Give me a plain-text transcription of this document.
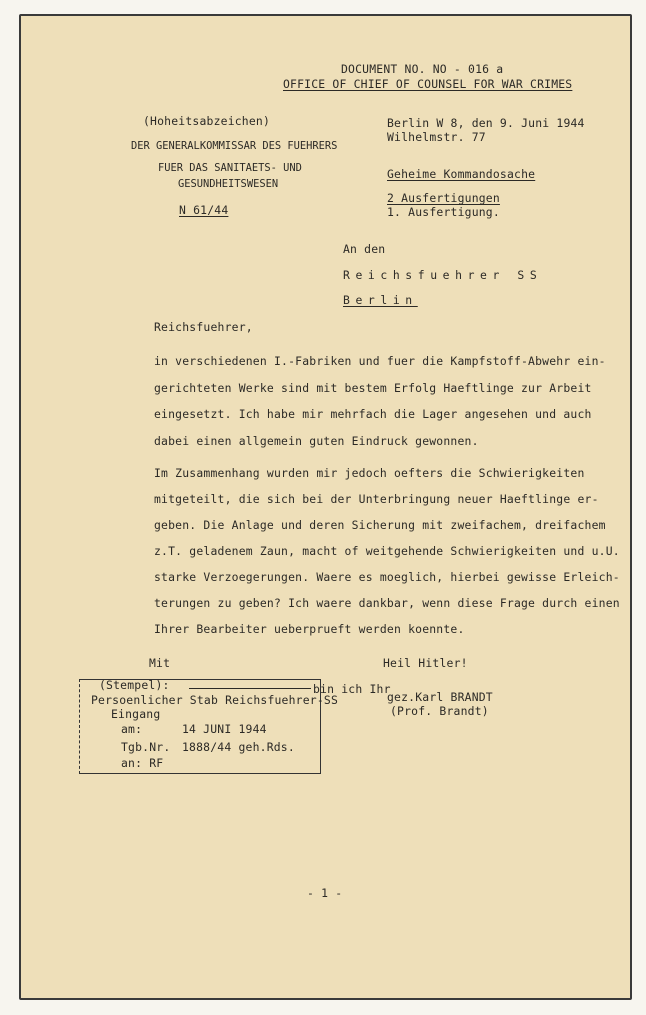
DOCUMENT NO. NO - 016 a
OFFICE OF CHIEF OF COUNSEL FOR WAR CRIMES
(Hoheitsabzeichen)
DER GENERALKOMMISSAR DES FUEHRERS
FUER DAS SANITAETS- UND
GESUNDHEITSWESEN
N 61/44
Berlin W 8, den 9. Juni 1944
Wilhelmstr. 77
Geheime Kommandosache
2 Ausfertigungen
1. Ausfertigung.
An den
Reichsfuehrer SS
Berlin
Reichsfuehrer,
in verschiedenen I.-Fabriken und fuer die Kampfstoff-Abwehr ein-
gerichteten Werke sind mit bestem Erfolg Haeftlinge zur Arbeit
eingesetzt. Ich habe mir mehrfach die Lager angesehen und auch
dabei einen allgemein guten Eindruck gewonnen.
Im Zusammenhang wurden mir jedoch oefters die Schwierigkeiten
mitgeteilt, die sich bei der Unterbringung neuer Haeftlinge er-
geben. Die Anlage und deren Sicherung mit zweifachem, dreifachem
z.T. geladenem Zaun, macht of weitgehende Schwierigkeiten und u.U.
starke Verzoegerungen. Waere es moeglich, hierbei gewisse Erleich-
terungen zu geben? Ich waere dankbar, wenn diese Frage durch einen
Ihrer Bearbeiter ueberprueft werden koennte.
Mit	Heil Hitler!
bin ich Ihr
gez.Karl BRANDT
(Prof. Brandt)
(Stempel):
Persoenlicher Stab Reichsfuehrer-SS
Eingang
am:	14 JUNI 1944
Tgb.Nr. 1888/44 geh.Rds.
an: RF
- 1 -
